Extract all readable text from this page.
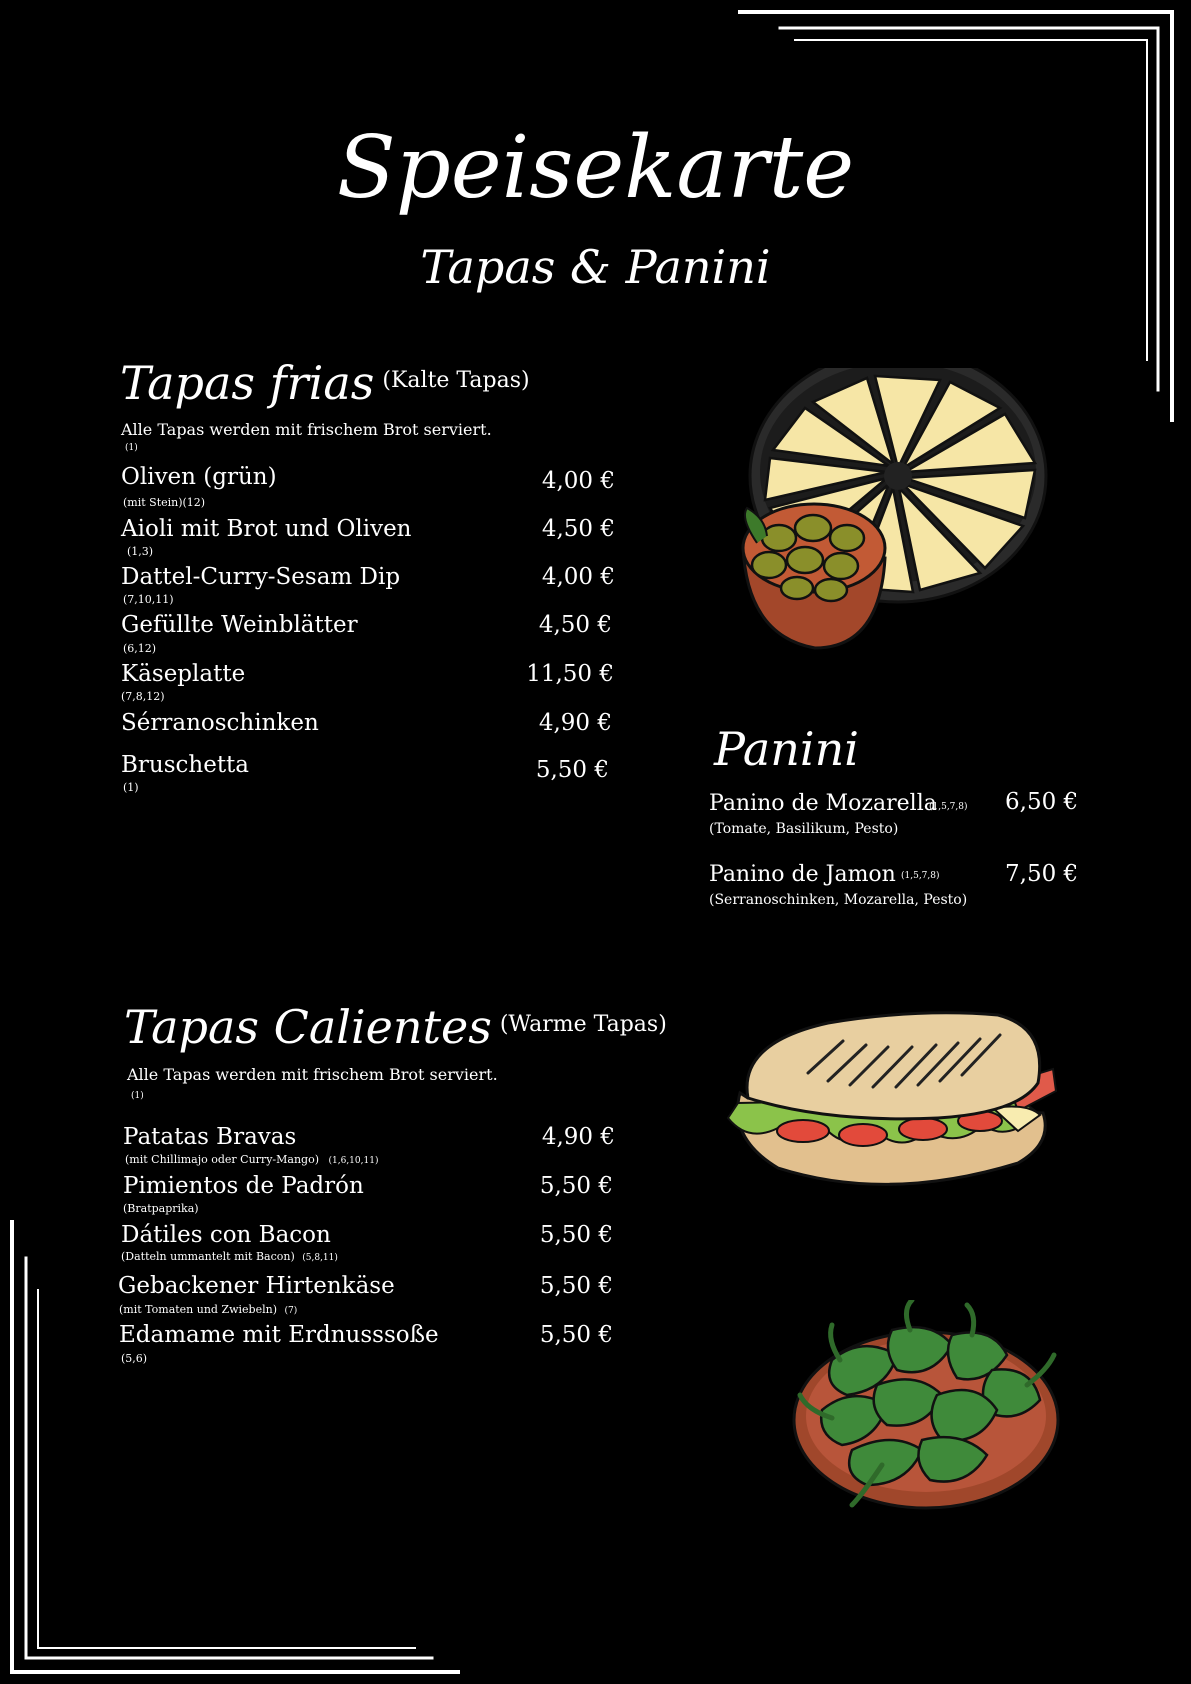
Speisekarte
Tapas & Panini
Tapas frias $^{(Kalte Tapas)}$
Alle Tapas werden mit frischem Brot serviert.
(1)
Oliven (grün)
(mit Stein)(12)
4,00 €
Aioli mit Brot und Oliven
(1,3)
4,50 €
Dattel-Curry-Sesam Dip
(7,10,11)
4,00 €
Gefüllte Weinblätter
(6,12)
4,50 €
Käseplatte
(7,8,12)
11,50 €
Sérranoschinken	4,90 €
Bruschetta
(1)
5,50 € Panini
Panino de Mozarella
(1,5,7,8)
(Tomate, Basilikum, Pesto)
6,50 €
Panino de Jamon (1,5,7,8)
(Serranoschinken, Mozarella, Pesto)
7,50 €
Tapas Calientes $^{(Warme Tapas)}$
Alle Tapas werden mit frischem Brot serviert.
(1)
Patatas Bravas
(mit Chillimajo oder Curry-Mango) (1,6,10,11)
4,90 €
Pimientos de Padrón
(Bratpaprika)
5,50 €
Dátiles con Bacon
(Datteln ummantelt mit Bacon) (5,8,11)
5,50 €
Gebackener Hirtenkäse
(mit Tomaten und Zwiebeln) (7)
5,50 €
Edamame mit Erdnusssoße
(5,6)
5,50 €
